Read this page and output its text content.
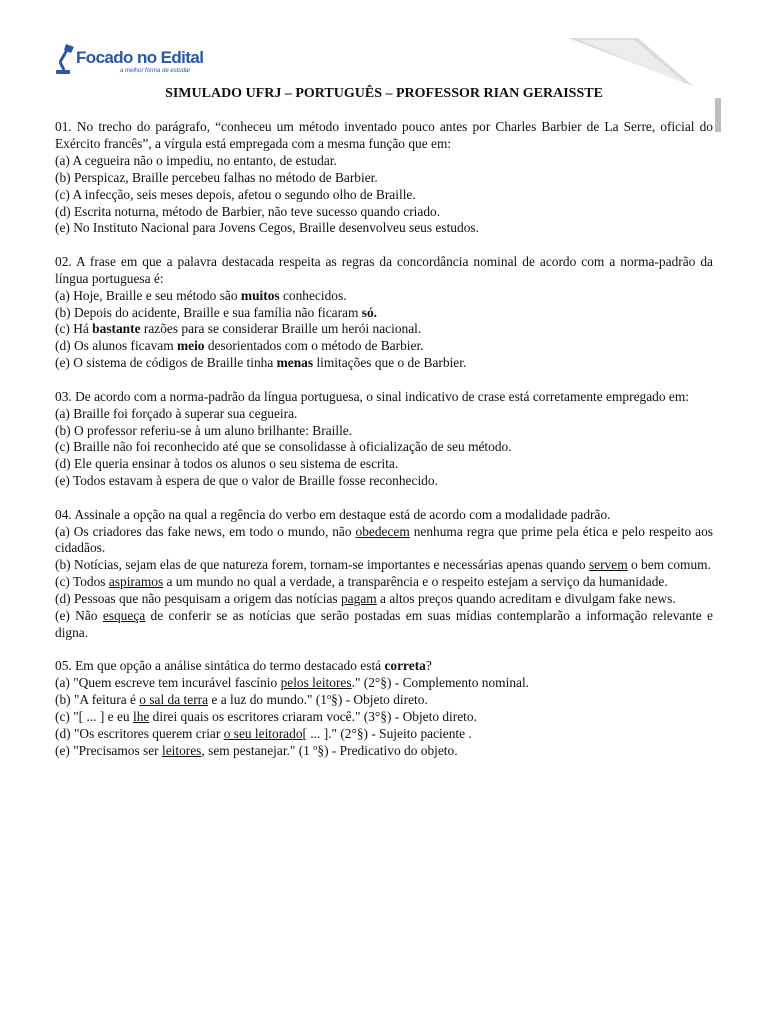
Focado no Edital
a melhor forma de estudar
SIMULADO UFRJ – PORTUGUÊS – PROFESSOR RIAN GERAISSTE
01. No trecho do parágrafo, “conheceu um método inventado pouco antes por Charles Barbier de La Serre, oficial do Exército francês”, a vírgula está empregada com a mesma função que em:
(a) A cegueira não o impediu, no entanto, de estudar.
(b) Perspicaz, Braille percebeu falhas no método de Barbier.
(c) A infecção, seis meses depois, afetou o segundo olho de Braille.
(d) Escrita noturna, método de Barbier, não teve sucesso quando criado.
(e) No Instituto Nacional para Jovens Cegos, Braille desenvolveu seus estudos.
02. A frase em que a palavra destacada respeita as regras da concordância nominal de acordo com a norma-padrão da língua portuguesa é:
(a) Hoje, Braille e seu método são muitos conhecidos.
(b) Depois do acidente, Braille e sua família não ficaram só.
(c) Há bastante razões para se considerar Braille um herói nacional.
(d) Os alunos ficavam meio desorientados com o método de Barbier.
(e) O sistema de códigos de Braille tinha menas limitações que o de Barbier.
03. De acordo com a norma-padrão da língua portuguesa, o sinal indicativo de crase está corretamente empregado em:
(a) Braille foi forçado à superar sua cegueira.
(b) O professor referiu-se à um aluno brilhante: Braille.
(c) Braille não foi reconhecido até que se consolidasse à oficialização de seu método.
(d) Ele queria ensinar à todos os alunos o seu sistema de escrita.
(e) Todos estavam à espera de que o valor de Braille fosse reconhecido.
04. Assinale a opção na qual a regência do verbo em destaque está de acordo com a modalidade padrão.
(a) Os criadores das fake news, em todo o mundo, não obedecem nenhuma regra que prime pela ética e pelo respeito aos cidadãos.
(b) Notícias, sejam elas de que natureza forem, tornam-se importantes e necessárias apenas quando servem o bem comum.
(c) Todos aspiramos a um mundo no qual a verdade, a transparência e o respeito estejam a serviço da humanidade.
(d) Pessoas que não pesquisam a origem das notícias pagam a altos preços quando acreditam e divulgam fake news.
(e) Não esqueça de conferir se as notícias que serão postadas em suas mídias contemplarão a informação relevante e digna.
05. Em que opção a análise sintática do termo destacado está correta?
(a) "Quem escreve tem incurável fascínio pelos leitores." (2°§) - Complemento nominal.
(b) "A feitura é o sal da terra e a luz do mundo." (1º§) - Objeto direto.
(c) "[ ... ] e eu lhe direi quais os escritores criaram você." (3°§) - Objeto direto.
(d) "Os escritores querem criar o seu leitorado[ ... ]." (2°§) - Sujeito paciente .
(e) "Precisamos ser leitores, sem pestanejar." (1 º§) - Predicativo do objeto.
